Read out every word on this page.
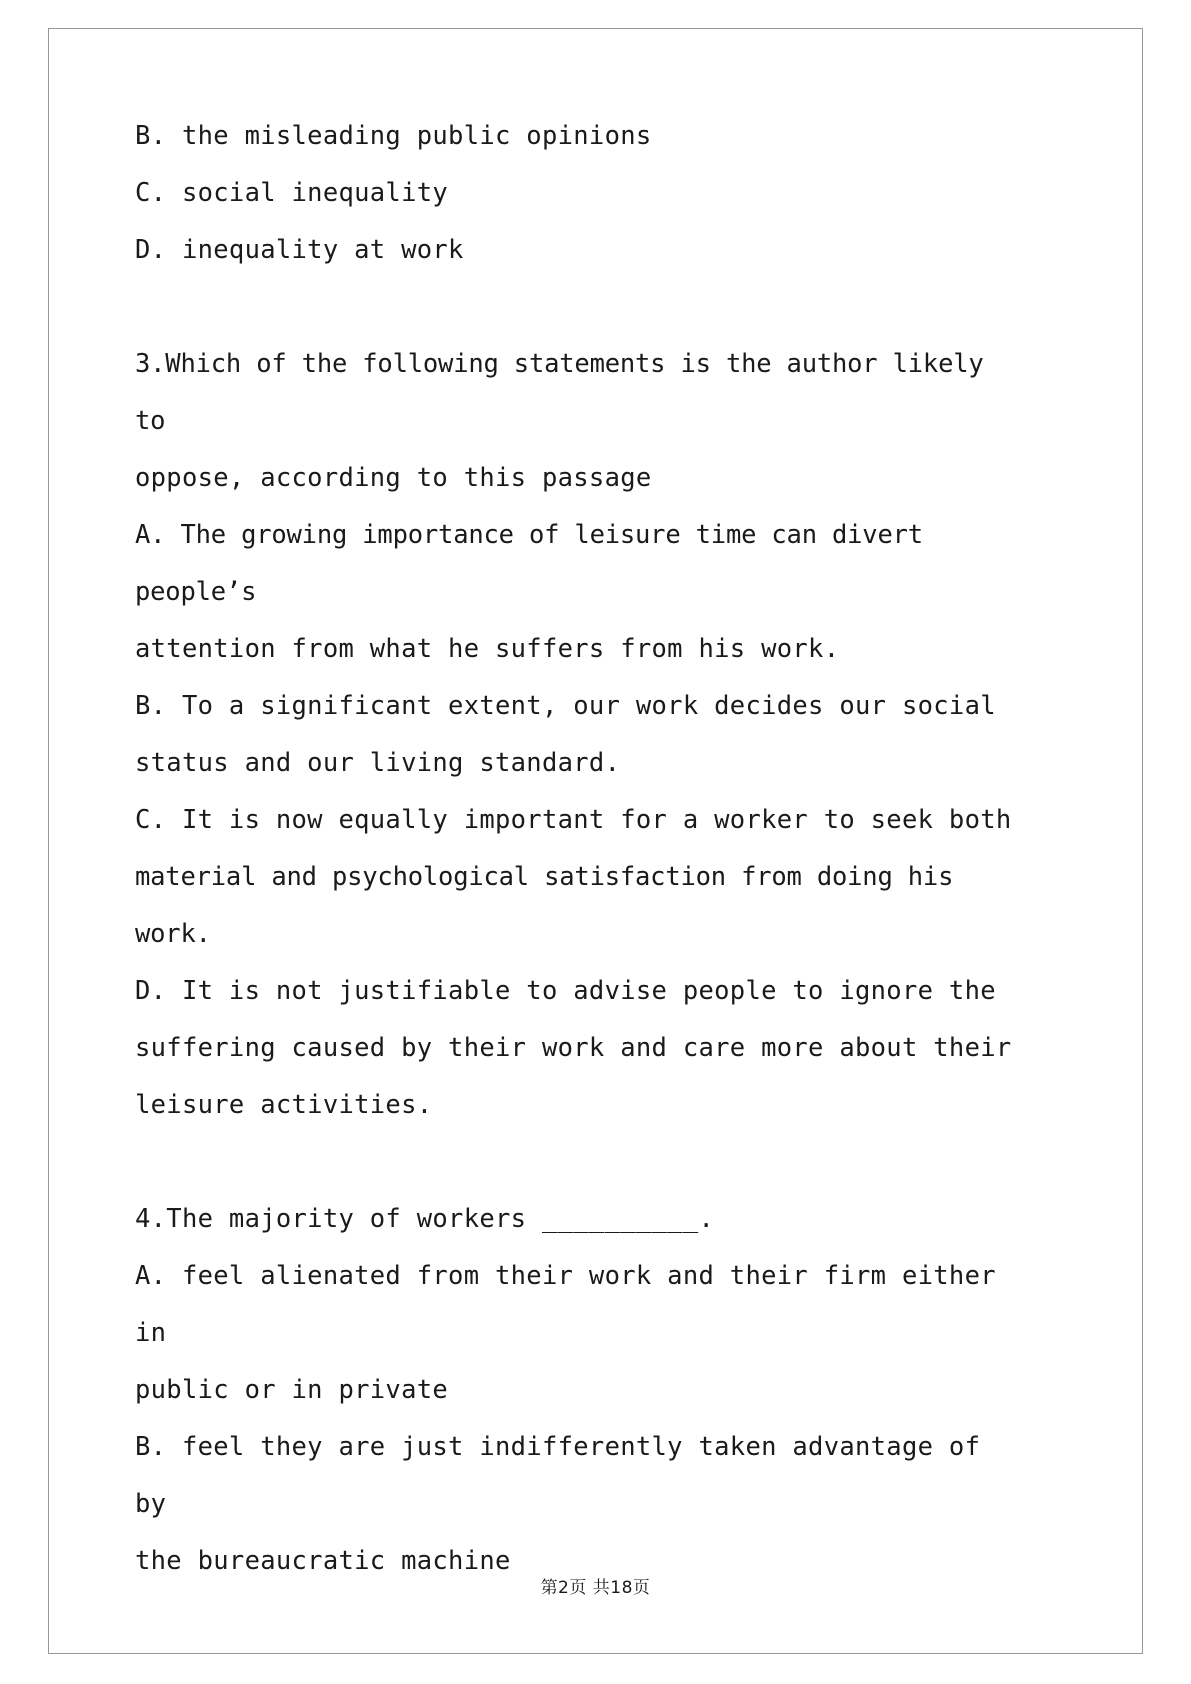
B. the misleading public opinions
C. social inequality
D. inequality at work
3.Which of the following statements is the author likely to
oppose, according to this passage
A. The growing importance of leisure time can divert people’s
attention from what he suffers from his work.
B. To a significant extent, our work decides our social
status and our living standard.
C. It is now equally important for a worker to seek both
material and psychological satisfaction from doing his work.
D. It is not justifiable to advise people to ignore the
suffering caused by their work and care more about their
leisure activities.
4.The majority of workers __________.
A. feel alienated from their work and their firm either in
public or in private
B. feel they are just indifferently taken advantage of by
the bureaucratic machine
第2页 共18页
